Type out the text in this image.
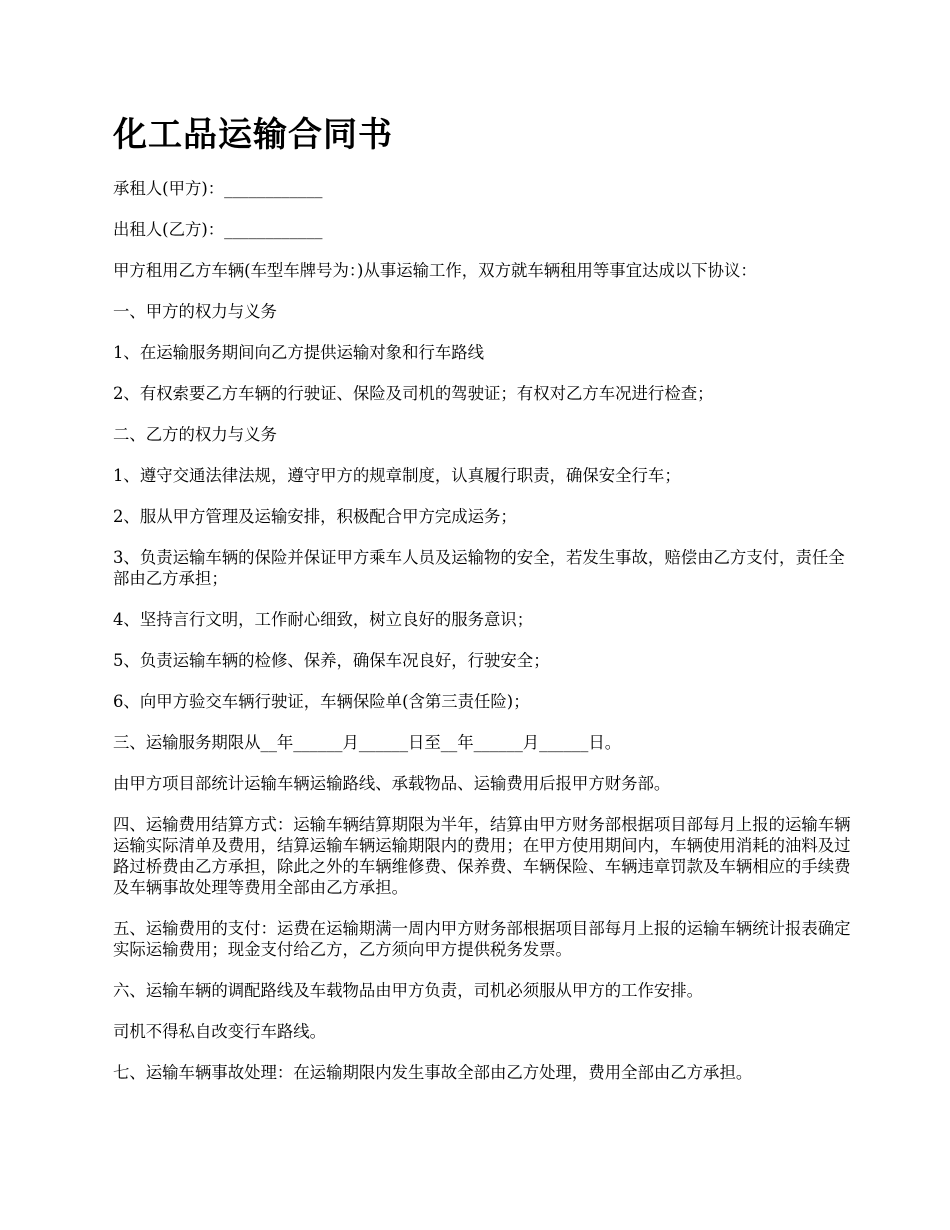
化工品运输合同书

承租人(甲方)：____________

出租人(乙方)：____________

甲方租用乙方车辆(车型车牌号为：)从事运输工作，双方就车辆租用等事宜达成以下协议：

一、甲方的权力与义务

1、在运输服务期间向乙方提供运输对象和行车路线

2、有权索要乙方车辆的行驶证、保险及司机的驾驶证；有权对乙方车况进行检查；

二、乙方的权力与义务

1、遵守交通法律法规，遵守甲方的规章制度，认真履行职责，确保安全行车；

2、服从甲方管理及运输安排，积极配合甲方完成运务；

3、负责运输车辆的保险并保证甲方乘车人员及运输物的安全，若发生事故，赔偿由乙方支付，责任全部由乙方承担；

4、坚持言行文明，工作耐心细致，树立良好的服务意识；

5、负责运输车辆的检修、保养，确保车况良好，行驶安全；

6、向甲方验交车辆行驶证，车辆保险单(含第三责任险)；

三、运输服务期限从__年______月______日至__年______月______日。

由甲方项目部统计运输车辆运输路线、承载物品、运输费用后报甲方财务部。

四、运输费用结算方式：运输车辆结算期限为半年，结算由甲方财务部根据项目部每月上报的运输车辆运输实际清单及费用，结算运输车辆运输期限内的费用；在甲方使用期间内，车辆使用消耗的油料及过路过桥费由乙方承担，除此之外的车辆维修费、保养费、车辆保险、车辆违章罚款及车辆相应的手续费及车辆事故处理等费用全部由乙方承担。

五、运输费用的支付：运费在运输期满一周内甲方财务部根据项目部每月上报的运输车辆统计报表确定实际运输费用；现金支付给乙方，乙方须向甲方提供税务发票。

六、运输车辆的调配路线及车载物品由甲方负责，司机必须服从甲方的工作安排。

司机不得私自改变行车路线。

七、运输车辆事故处理：在运输期限内发生事故全部由乙方处理，费用全部由乙方承担。
